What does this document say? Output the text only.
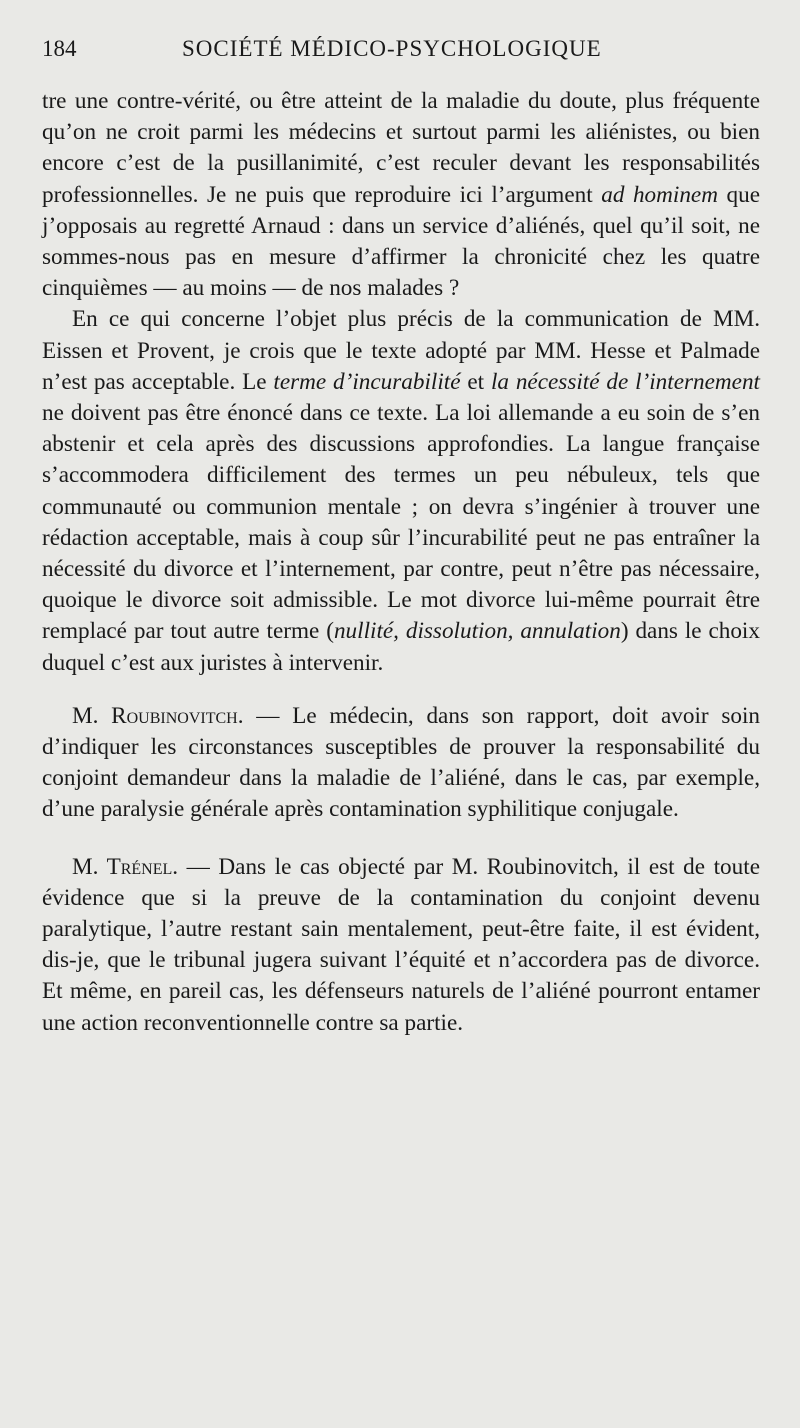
184	SOCIÉTÉ MÉDICO-PSYCHOLOGIQUE

tre une contre-vérité, ou être atteint de la maladie du doute, plus fréquente qu’on ne croit parmi les médecins et surtout parmi les aliénistes, ou bien encore c’est de la pusillanimité, c’est reculer devant les responsabilités professionnelles. Je ne puis que reproduire ici l’argument ad hominem que j’opposais au regretté Arnaud : dans un service d’aliénés, quel qu’il soit, ne sommes-nous pas en mesure d’affirmer la chronicité chez les quatre cinquièmes — au moins — de nos malades ?

En ce qui concerne l’objet plus précis de la communication de MM. Eissen et Provent, je crois que le texte adopté par MM. Hesse et Palmade n’est pas acceptable. Le terme d’incurabilité et la nécessité de l’internement ne doivent pas être énoncé dans ce texte. La loi allemande a eu soin de s’en abstenir et cela après des discussions approfondies. La langue française s’accommodera difficilement des termes un peu nébuleux, tels que communauté ou communion mentale ; on devra s’ingénier à trouver une rédaction acceptable, mais à coup sûr l’incurabilité peut ne pas entraîner la nécessité du divorce et l’internement, par contre, peut n’être pas nécessaire, quoique le divorce soit admissible. Le mot divorce lui-même pourrait être remplacé par tout autre terme (nullité, dissolution, annulation) dans le choix duquel c’est aux juristes à intervenir.

M. Roubinovitch. — Le médecin, dans son rapport, doit avoir soin d’indiquer les circonstances susceptibles de prouver la responsabilité du conjoint demandeur dans la maladie de l’aliéné, dans le cas, par exemple, d’une paralysie générale après contamination syphilitique conjugale.

M. Trénel. — Dans le cas objecté par M. Roubinovitch, il est de toute évidence que si la preuve de la contamination du conjoint devenu paralytique, l’autre restant sain mentalement, peut-être faite, il est évident, dis-je, que le tribunal jugera suivant l’équité et n’accordera pas de divorce. Et même, en pareil cas, les défenseurs naturels de l’aliéné pourront entamer une action reconventionnelle contre sa partie.
